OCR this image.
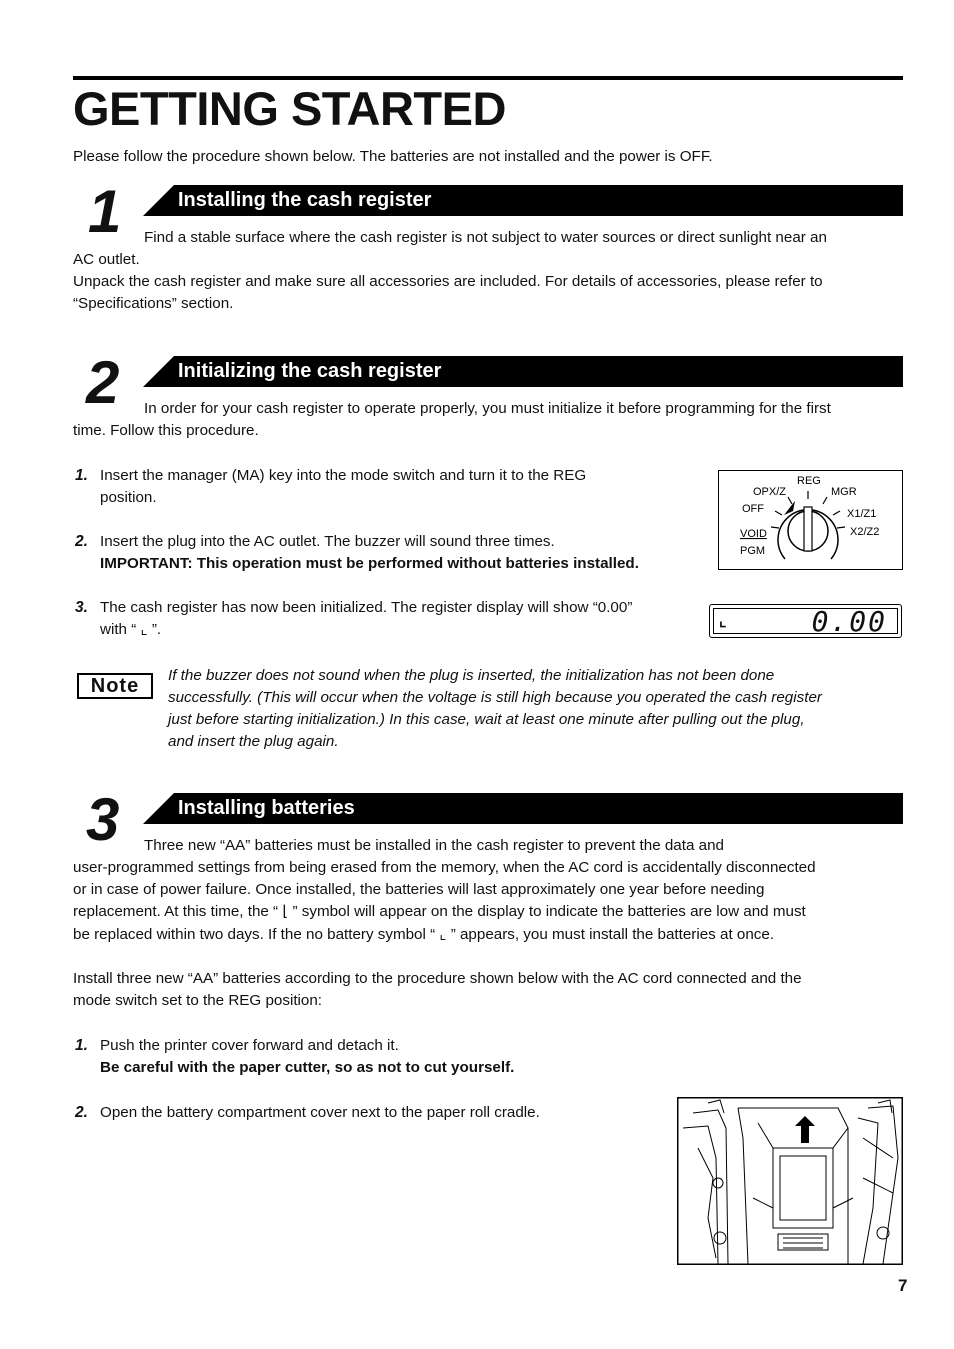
GETTING STARTED
Please follow the procedure shown below. The batteries are not installed and the power is OFF.
1	Installing the cash register
Find a stable surface where the cash register is not subject to water sources or direct sunlight near an
AC outlet.
Unpack the cash register and make sure all accessories are included. For details of accessories, please refer to
“Specifications” section.
2	Initializing the cash register
In order for your cash register to operate properly, you must initialize it before programming for the first
time. Follow this procedure.
1. Insert the manager (MA) key into the mode switch and turn it to the REG
position.
2. Insert the plug into the AC outlet. The buzzer will sound three times.
IMPORTANT: This operation must be performed without batteries installed.
3. The cash register has now been initialized. The register display will show “0.00”
with “ ⌞ ”.
REG
OPX/Z	MGR
OFF	X1/Z1
X2/Z2
VOID
PGM
⌞	0.00
Note	If the buzzer does not sound when the plug is inserted, the initialization has not been done
successfully. (This will occur when the voltage is still high because you operated the cash register
just before starting initialization.) In this case, wait at least one minute after pulling out the plug,
and insert the plug again.
3	Installing batteries
Three new “AA” batteries must be installed in the cash register to prevent the data and
user-programmed settings from being erased from the memory, when the AC cord is accidentally disconnected
or in case of power failure. Once installed, the batteries will last approximately one year before needing
replacement. At this time, the “ ⌊ ” symbol will appear on the display to indicate the batteries are low and must
be replaced within two days. If the no battery symbol “ ⌞ ” appears, you must install the batteries at once.
Install three new “AA” batteries according to the procedure shown below with the AC cord connected and the
mode switch set to the REG position:
1. Push the printer cover forward and detach it.
Be careful with the paper cutter, so as not to cut yourself.
2. Open the battery compartment cover next to the paper roll cradle.
7
